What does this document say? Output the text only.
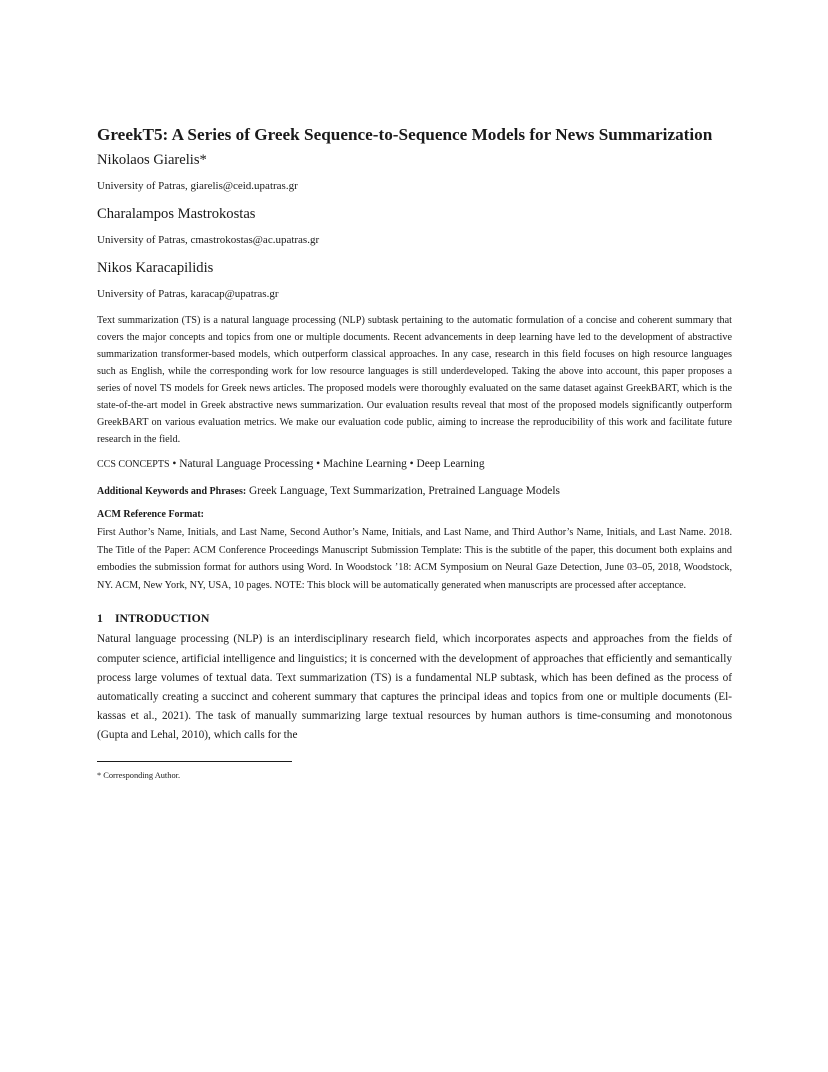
GreekT5: A Series of Greek Sequence-to-Sequence Models for News Summarization

Nikolaos Giarelis*

University of Patras, giarelis@ceid.upatras.gr

Charalampos Mastrokostas

University of Patras, cmastrokostas@ac.upatras.gr

Nikos Karacapilidis

University of Patras, karacap@upatras.gr

Text summarization (TS) is a natural language processing (NLP) subtask pertaining to the automatic formulation of a concise and coherent summary that covers the major concepts and topics from one or multiple documents. Recent advancements in deep learning have led to the development of abstractive summarization transformer-based models, which outperform classical approaches. In any case, research in this field focuses on high resource languages such as English, while the corresponding work for low resource languages is still underdeveloped. Taking the above into account, this paper proposes a series of novel TS models for Greek news articles. The proposed models were thoroughly evaluated on the same dataset against GreekBART, which is the state-of-the-art model in Greek abstractive news summarization. Our evaluation results reveal that most of the proposed models significantly outperform GreekBART on various evaluation metrics. We make our evaluation code public, aiming to increase the reproducibility of this work and facilitate future research in the field.

CCS CONCEPTS • Natural Language Processing • Machine Learning • Deep Learning

Additional Keywords and Phrases: Greek Language, Text Summarization, Pretrained Language Models

ACM Reference Format:

First Author’s Name, Initials, and Last Name, Second Author’s Name, Initials, and Last Name, and Third Author’s Name, Initials, and Last Name. 2018. The Title of the Paper: ACM Conference Proceedings Manuscript Submission Template: This is the subtitle of the paper, this document both explains and embodies the submission format for authors using Word. In Woodstock ’18: ACM Symposium on Neural Gaze Detection, June 03–05, 2018, Woodstock, NY. ACM, New York, NY, USA, 10 pages. NOTE: This block will be automatically generated when manuscripts are processed after acceptance.

1 INTRODUCTION

Natural language processing (NLP) is an interdisciplinary research field, which incorporates aspects and approaches from the fields of computer science, artificial intelligence and linguistics; it is concerned with the development of approaches that efficiently and semantically process large volumes of textual data. Text summarization (TS) is a fundamental NLP subtask, which has been defined as the process of automatically creating a succinct and coherent summary that captures the principal ideas and topics from one or multiple documents (El-kassas et al., 2021). The task of manually summarizing large textual resources by human authors is time-consuming and monotonous (Gupta and Lehal, 2010), which calls for the

* Corresponding Author.
